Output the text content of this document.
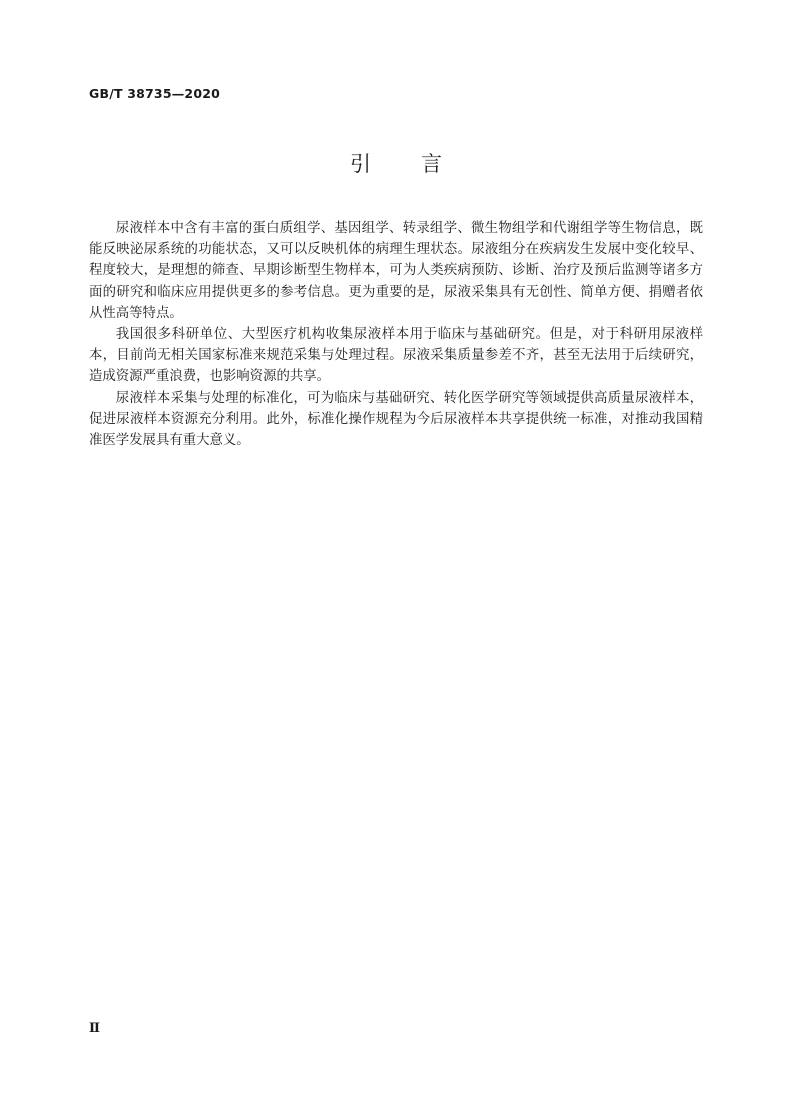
GB/T 38735—2020
引言

尿液样本中含有丰富的蛋白质组学、基因组学、转录组学、微生物组学和代谢组学等生物信息，既能反映泌尿系统的功能状态，又可以反映机体的病理生理状态。尿液组分在疾病发生发展中变化较早、程度较大，是理想的筛查、早期诊断型生物样本，可为人类疾病预防、诊断、治疗及预后监测等诸多方面的研究和临床应用提供更多的参考信息。更为重要的是，尿液采集具有无创性、简单方便、捐赠者依从性高等特点。

我国很多科研单位、大型医疗机构收集尿液样本用于临床与基础研究。但是，对于科研用尿液样本，目前尚无相关国家标准来规范采集与处理过程。尿液采集质量参差不齐，甚至无法用于后续研究，造成资源严重浪费，也影响资源的共享。

尿液样本采集与处理的标准化，可为临床与基础研究、转化医学研究等领域提供高质量尿液样本，促进尿液样本资源充分利用。此外，标准化操作规程为今后尿液样本共享提供统一标准，对推动我国精准医学发展具有重大意义。

Ⅱ
